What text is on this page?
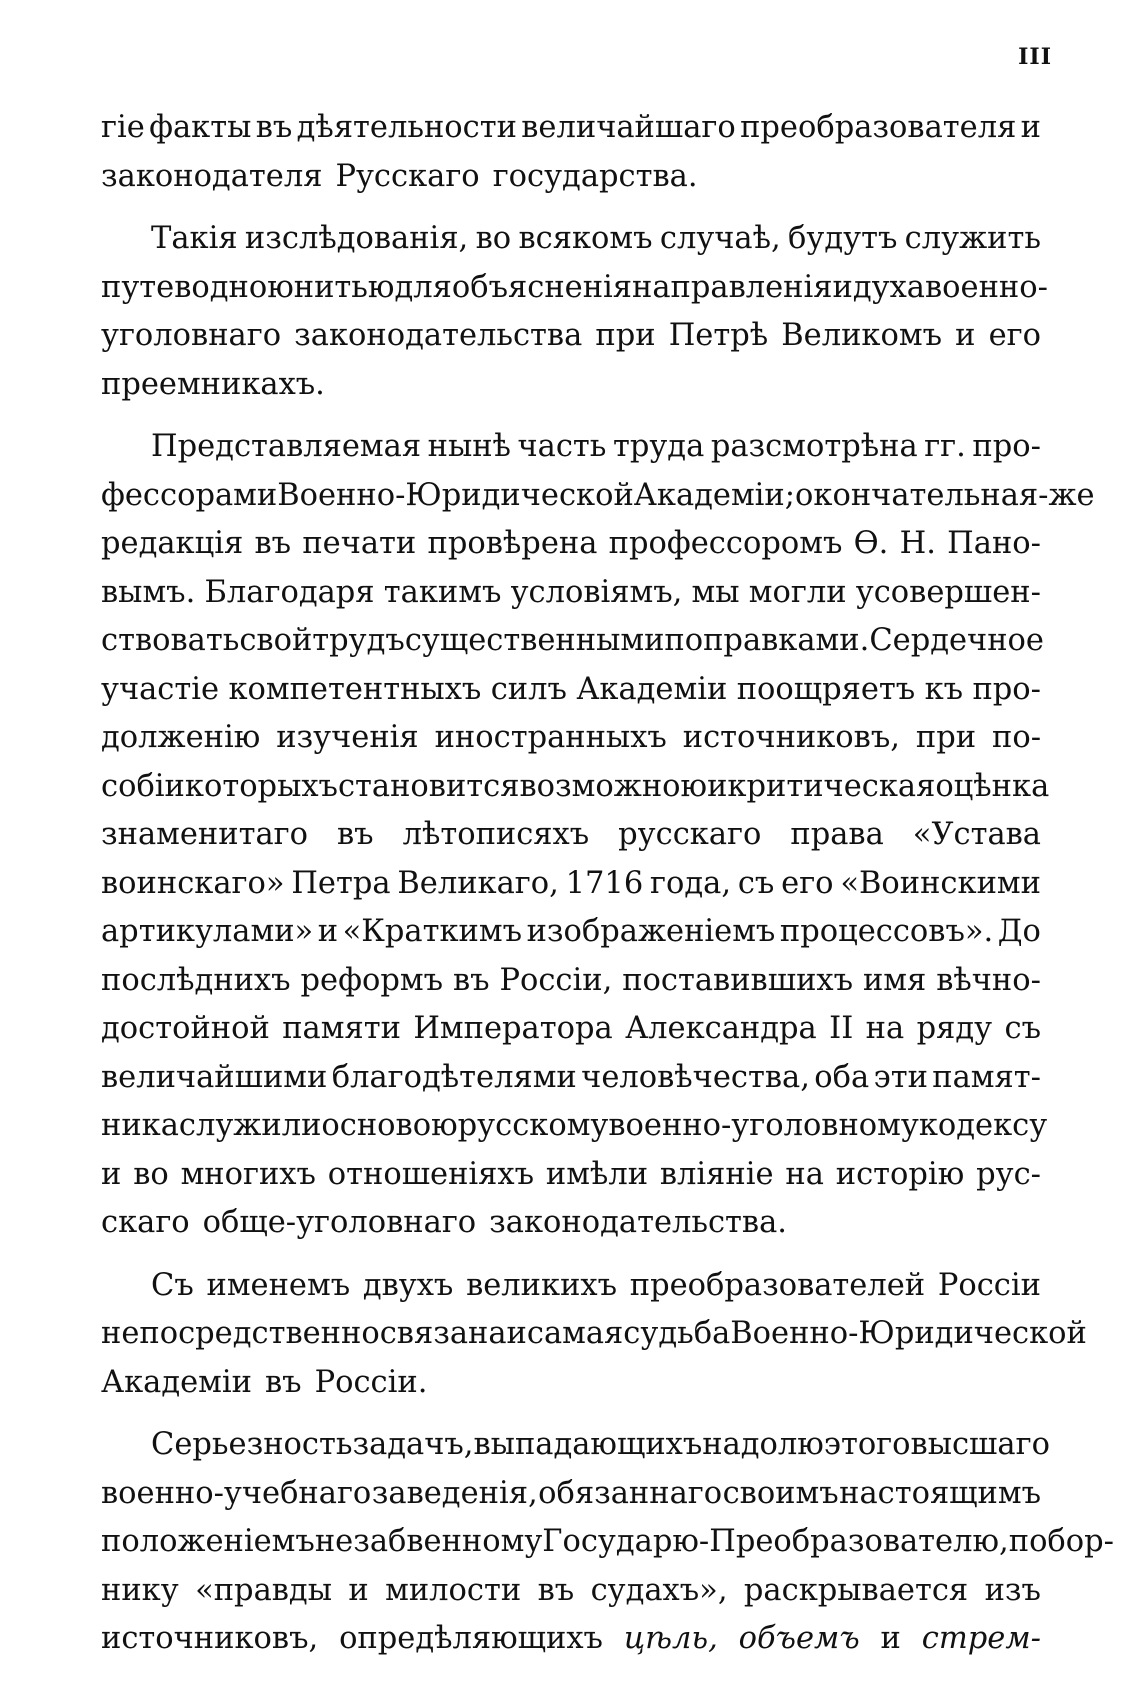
III
гіе факты въ дѣятельности величайшаго преобразователя и
законодателя Русскаго государства.
Такія изслѣдованія, во всякомъ случаѣ, будутъ служить
путеводною нитью для объясненія направленія и духа военно-
уголовнаго законодательства при Петрѣ Великомъ и его
преемникахъ.
Представляемая нынѣ часть труда разсмотрѣна гг. про-
фессорами Военно-Юридической Академіи; окончательная-же
редакція въ печати провѣрена профессоромъ Ѳ. Н. Пано-
вымъ. Благодаря такимъ условіямъ, мы могли усовершен-
ствовать свой трудъ существенными поправками. Сердечное
участіе компетентныхъ силъ Академіи поощряетъ къ про-
долженію изученія иностранныхъ источниковъ, при по-
собіи которыхъ становится возможною и критическая оцѣнка
знаменитаго въ лѣтописяхъ русскаго права «Устава
воинскаго» Петра Великаго, 1716 года, съ его «Воинскими
артикулами» и «Краткимъ изображеніемъ процессовъ». До
послѣднихъ реформъ въ Россіи, поставившихъ имя вѣчно-
достойной памяти Императора Александра II на ряду съ
величайшими благодѣтелями человѣчества, оба эти памят-
ника служили основою русскому военно-уголовному кодексу
и во многихъ отношеніяхъ имѣли вліяніе на исторію рус-
скаго обще-уголовнаго законодательства.
Съ именемъ двухъ великихъ преобразователей Россіи
непосредственно связана и самая судьба Военно-Юридической
Академіи въ Россіи.
Серьезность задачъ, выпадающихъ на долю этого высшаго
военно-учебнаго заведенія, обязаннаго своимъ настоящимъ
положеніемъ незабвенному Государю-Преобразователю, побор-
нику «правды и милости въ судахъ», раскрывается изъ
источниковъ, опредѣляющихъ цѣль, объемъ и стрем-
